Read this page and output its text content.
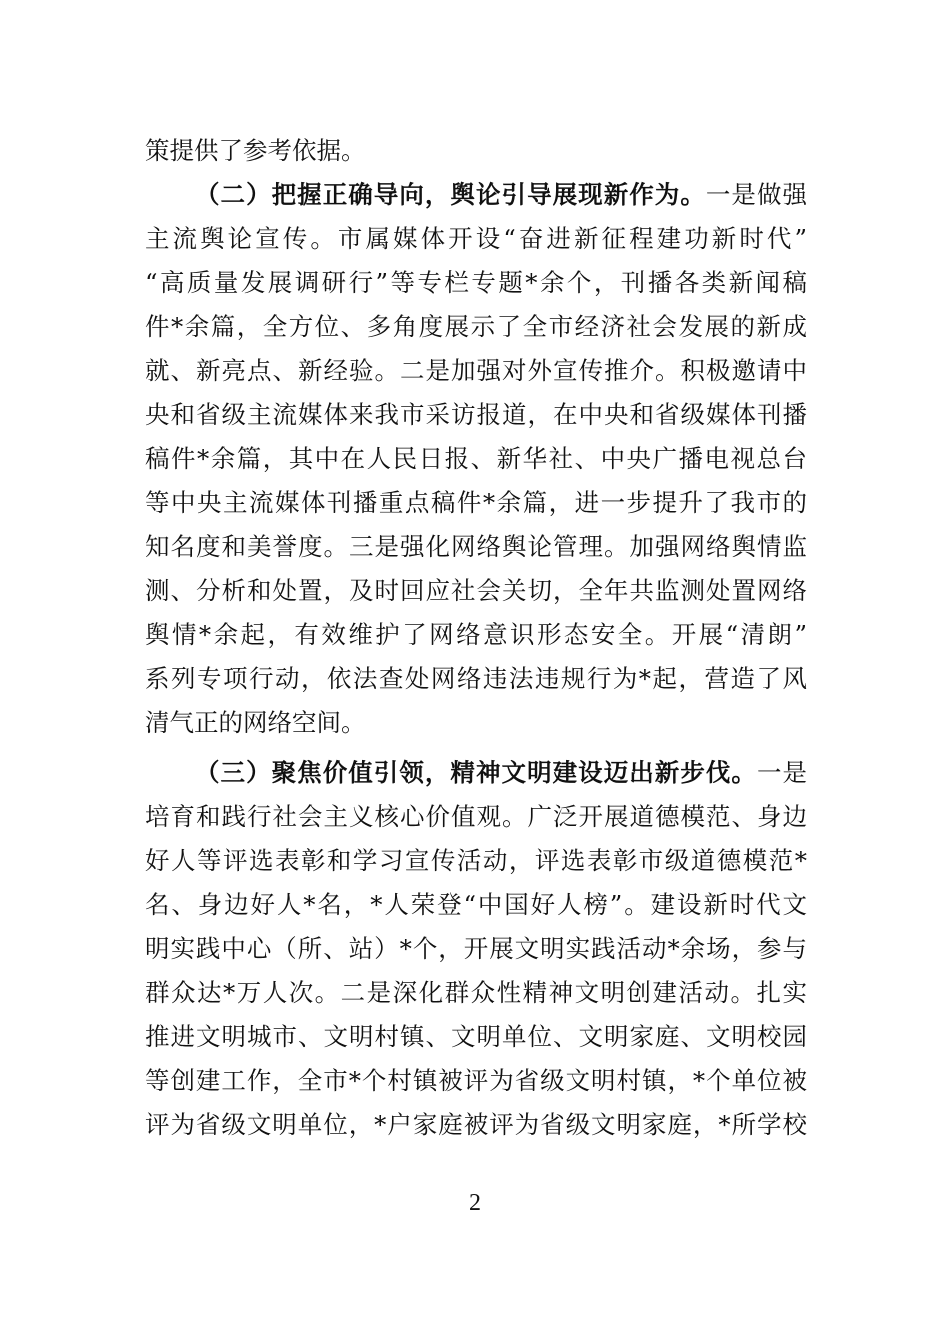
策提供了参考依据。
（二）把握正确导向，舆论引导展现新作为。一是做强
主流舆论宣传。市属媒体开设“奋进新征程建功新时代”
“高质量发展调研行”等专栏专题*余个，刊播各类新闻稿
件*余篇，全方位、多角度展示了全市经济社会发展的新成
就、新亮点、新经验。二是加强对外宣传推介。积极邀请中
央和省级主流媒体来我市采访报道，在中央和省级媒体刊播
稿件*余篇，其中在人民日报、新华社、中央广播电视总台
等中央主流媒体刊播重点稿件*余篇，进一步提升了我市的
知名度和美誉度。三是强化网络舆论管理。加强网络舆情监
测、分析和处置，及时回应社会关切，全年共监测处置网络
舆情*余起，有效维护了网络意识形态安全。开展“清朗”
系列专项行动，依法查处网络违法违规行为*起，营造了风
清气正的网络空间。
（三）聚焦价值引领，精神文明建设迈出新步伐。一是
培育和践行社会主义核心价值观。广泛开展道德模范、身边
好人等评选表彰和学习宣传活动，评选表彰市级道德模范*
名、身边好人*名，*人荣登“中国好人榜”。建设新时代文
明实践中心（所、站）*个，开展文明实践活动*余场，参与
群众达*万人次。二是深化群众性精神文明创建活动。扎实
推进文明城市、文明村镇、文明单位、文明家庭、文明校园
等创建工作，全市*个村镇被评为省级文明村镇，*个单位被
评为省级文明单位，*户家庭被评为省级文明家庭，*所学校
2
